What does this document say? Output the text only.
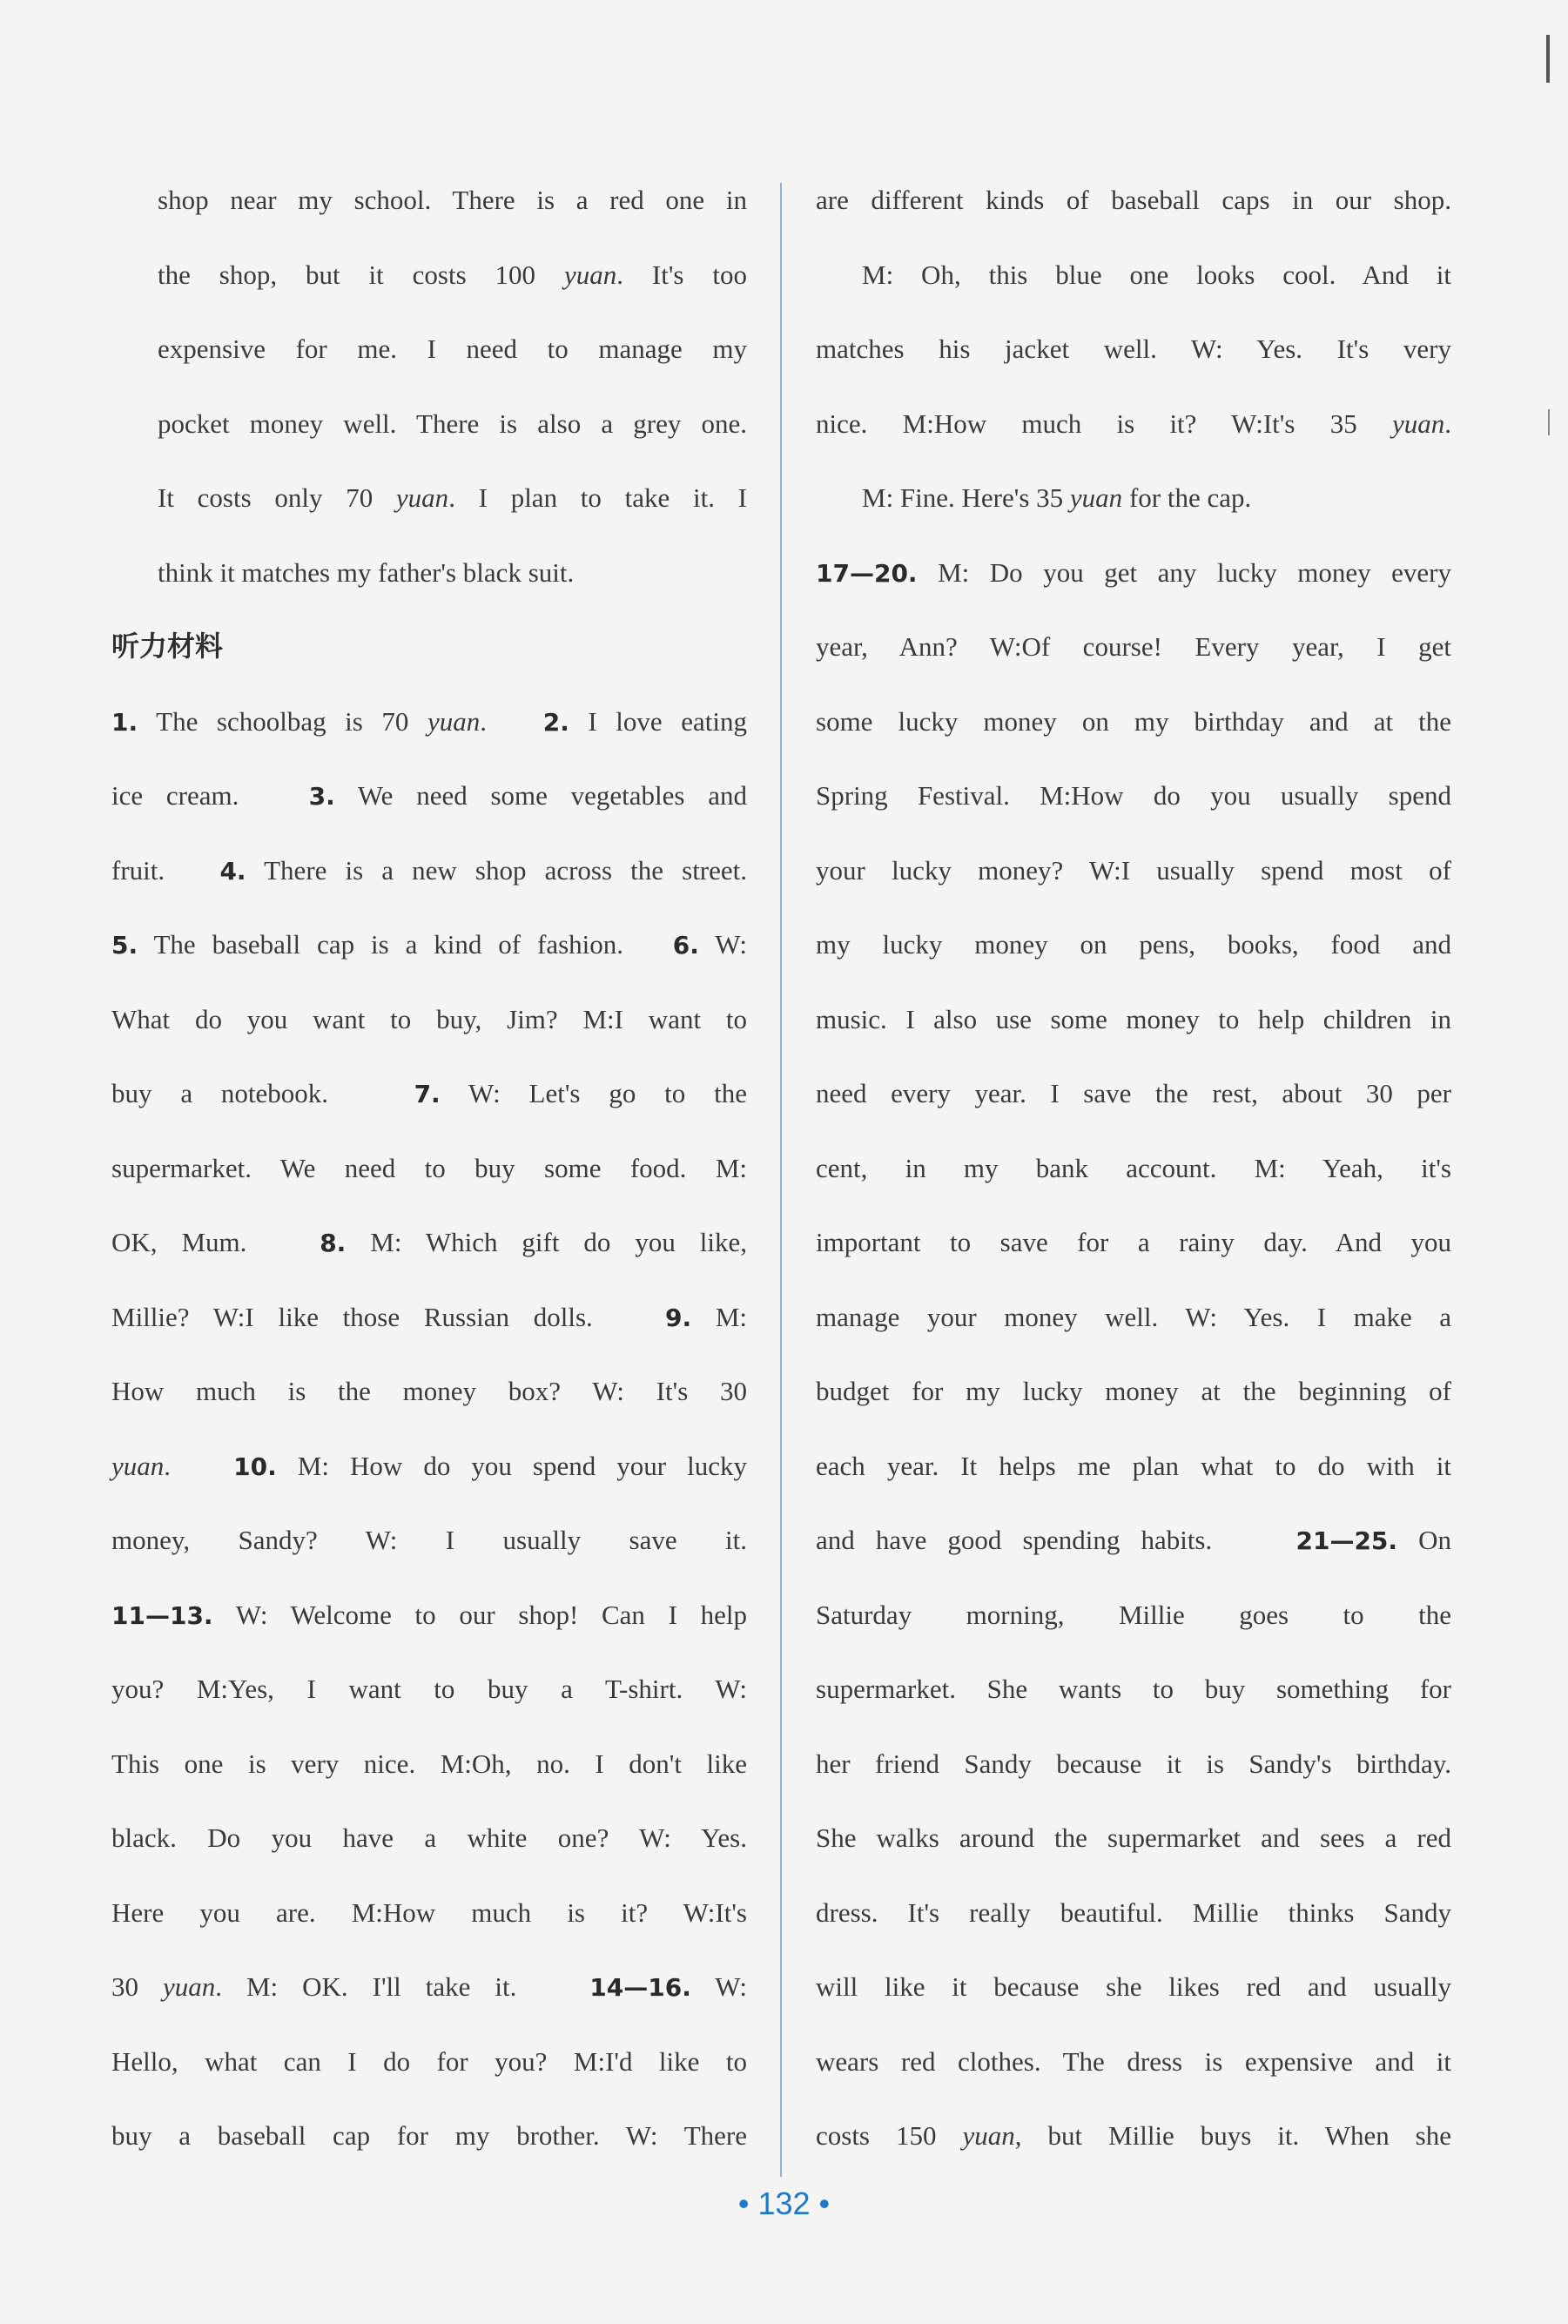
shop near my school. There is a red one in

the shop, but it costs 100 yuan. It's too

expensive for me. I need to manage my

pocket money well. There is also a grey one.

It costs only 70 yuan. I plan to take it. I

think it matches my father's black suit.

听力材料

1. The schoolbag is 70 yuan. 2. I love eating

ice cream.	3. We need some vegetables and

fruit. 4. There is a new shop across the street.

5. The baseball cap is a kind of fashion. 6. W:

What do you want to buy, Jim? M:I want to

buy a notebook.	7. W: Let's go to the

supermarket. We need to buy some food. M:

OK, Mum.	8. M: Which gift do you like,

Millie? W:I like those Russian dolls.	9. M:

How much is the money box? W: It's 30

yuan.   10. M: How do you spend your lucky

money, Sandy? W: I usually save it.

11—13. W: Welcome to our shop! Can I help

you? M:Yes, I want to buy a T-shirt. W:

This one is very nice. M:Oh, no. I don't like

black. Do you have a white one? W: Yes.

Here you are. M:How much is it? W:It's

30 yuan. M: OK. I'll take it.	14—16. W:

Hello, what can I do for you? M:I'd like to

buy a baseball cap for my brother. W: There

are different kinds of baseball caps in our shop.

M: Oh, this blue one looks cool. And it

matches his jacket well. W: Yes. It's very

nice. M:How much is it? W:It's 35 yuan.

M: Fine. Here's 35 yuan for the cap.

17—20. M: Do you get any lucky money every

year, Ann? W:Of course! Every year, I get

some lucky money on my birthday and at the

Spring Festival. M:How do you usually spend

your lucky money? W:I usually spend most of

my lucky money on pens, books, food and

music. I also use some money to help children in

need every year. I save the rest, about 30 per

cent, in my bank account. M: Yeah, it's

important to save for a rainy day. And you

manage your money well. W: Yes. I make a

budget for my lucky money at the beginning of

each year. It helps me plan what to do with it

and have good spending habits.	21—25. On

Saturday morning, Millie goes to the

supermarket. She wants to buy something for

her friend Sandy because it is Sandy's birthday.

She walks around the supermarket and sees a red

dress. It's really beautiful. Millie thinks Sandy

will like it because she likes red and usually

wears red clothes. The dress is expensive and it

costs 150 yuan, but Millie buys it. When she

• 132 •
